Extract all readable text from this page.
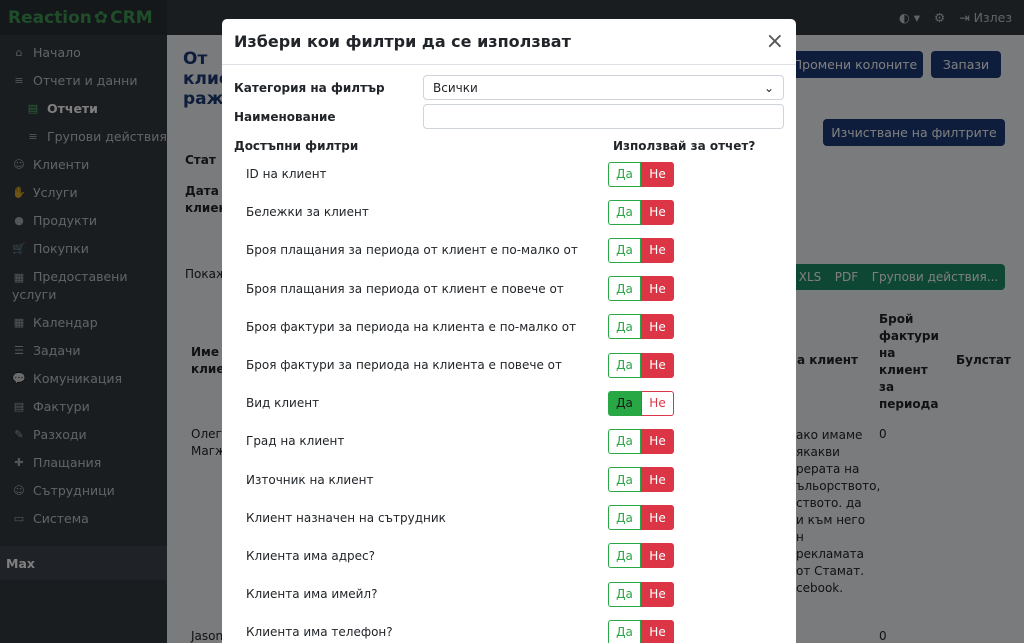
Избери кои филтри да се използват	×
Категория на филтър	Всички	⌄
Наименование
Достъпни филтри	Използвай за отчет?
ID на клиент	Да	Не
Бележки за клиент	Да	Не
Броя плащания за периода от клиент е по-малко от	Да	Не
Броя плащания за периода от клиент е повече от	Да	Не
Броя фактури за периода на клиента е по-малко от	Да	Не
Броя фактури за периода на клиента е повече от	Да	Не
Вид клиент	Да	Не
Град на клиент	Да	Не
Източник на клиент	Да	Не
Клиент назначен на сътрудник	Да	Не
Клиента има адрес?	Да	Не
Клиента има имейл?	Да	Не
Клиента има телефон?	Да	Не
